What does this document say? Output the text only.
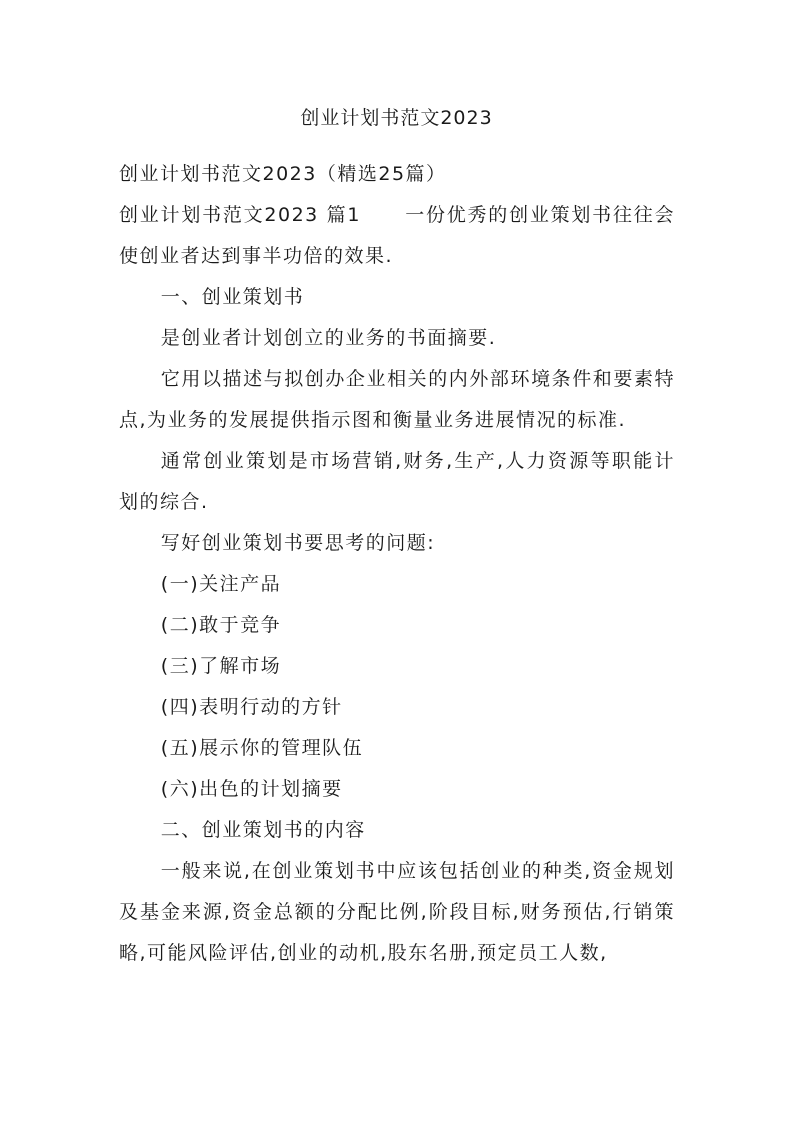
创业计划书范文2023

创业计划书范文2023（精选25篇）

创业计划书范文2023 篇1 一份优秀的创业策划书往往会使创业者达到事半功倍的效果.

一、创业策划书

是创业者计划创立的业务的书面摘要.

它用以描述与拟创办企业相关的内外部环境条件和要素特点,为业务的发展提供指示图和衡量业务进展情况的标准.

通常创业策划是市场营销,财务,生产,人力资源等职能计划的综合.

写好创业策划书要思考的问题:

(一)关注产品

(二)敢于竞争

(三)了解市场

(四)表明行动的方针

(五)展示你的管理队伍

(六)出色的计划摘要

二、创业策划书的内容

一般来说,在创业策划书中应该包括创业的种类,资金规划及基金来源,资金总额的分配比例,阶段目标,财务预估,行销策略,可能风险评估,创业的动机,股东名册,预定员工人数,
